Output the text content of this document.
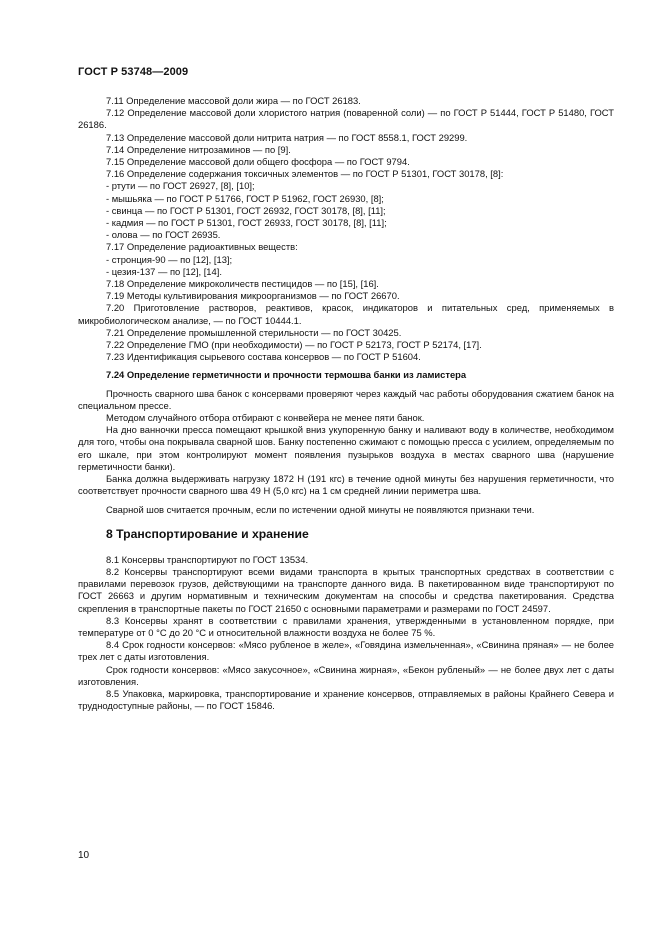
ГОСТ Р 53748—2009

7.11 Определение массовой доли жира — по ГОСТ 26183.

7.12 Определение массовой доли хлористого натрия (поваренной соли) — по ГОСТ Р 51444, ГОСТ Р 51480, ГОСТ 26186.

7.13 Определение массовой доли нитрита натрия — по ГОСТ 8558.1, ГОСТ 29299.

7.14 Определение нитрозаминов — по [9].

7.15 Определение массовой доли общего фосфора — по ГОСТ 9794.

7.16 Определение содержания токсичных элементов — по ГОСТ Р 51301, ГОСТ 30178, [8]:

- ртути — по ГОСТ 26927, [8], [10];

- мышьяка — по ГОСТ Р 51766, ГОСТ Р 51962, ГОСТ 26930, [8];

- свинца — по ГОСТ Р 51301, ГОСТ 26932, ГОСТ 30178, [8], [11];

- кадмия — по ГОСТ Р 51301, ГОСТ 26933, ГОСТ 30178, [8], [11];

- олова — по ГОСТ 26935.

7.17 Определение радиоактивных веществ:

- стронция-90 — по [12], [13];

- цезия-137 — по [12], [14].

7.18 Определение микроколичеств пестицидов — по [15], [16].

7.19 Методы культивирования микроорганизмов — по ГОСТ 26670.

7.20 Приготовление растворов, реактивов, красок, индикаторов и питательных сред, применяемых в микробиологическом анализе, — по ГОСТ 10444.1.

7.21 Определение промышленной стерильности — по ГОСТ 30425.

7.22 Определение ГМО (при необходимости) — по ГОСТ Р 52173, ГОСТ Р 52174, [17].

7.23 Идентификация сырьевого состава консервов — по ГОСТ Р 51604.

7.24 Определение герметичности и прочности термошва банки из ламистера

Прочность сварного шва банок с консервами проверяют через каждый час работы оборудования сжатием банок на специальном прессе.

Методом случайного отбора отбирают с конвейера не менее пяти банок.

На дно ванночки пресса помещают крышкой вниз укупоренную банку и наливают воду в количестве, необходимом для того, чтобы она покрывала сварной шов. Банку постепенно сжимают с помощью пресса с усилием, определяемым по его шкале, при этом контролируют момент появления пузырьков воздуха в местах сварного шва (нарушение герметичности банки).

Банка должна выдерживать нагрузку 1872 Н (191 кгс) в течение одной минуты без нарушения герметичности, что соответствует прочности сварного шва 49 Н (5,0 кгс) на 1 см средней линии периметра шва.

Сварной шов считается прочным, если по истечении одной минуты не появляются признаки течи.

8 Транспортирование и хранение

8.1 Консервы транспортируют по ГОСТ 13534.

8.2 Консервы транспортируют всеми видами транспорта в крытых транспортных средствах в соответствии с правилами перевозок грузов, действующими на транспорте данного вида. В пакетированном виде транспортируют по ГОСТ 26663 и другим нормативным и техническим документам на способы и средства пакетирования. Средства скрепления в транспортные пакеты по ГОСТ 21650 с основными параметрами и размерами по ГОСТ 24597.

8.3 Консервы хранят в соответствии с правилами хранения, утвержденными в установленном порядке, при температуре от 0 °С до 20 °С и относительной влажности воздуха не более 75 %.

8.4 Срок годности консервов: «Мясо рубленое в желе», «Говядина измельченная», «Свинина пряная» — не более трех лет с даты изготовления.

Срок годности консервов: «Мясо закусочное», «Свинина жирная», «Бекон рубленый» — не более двух лет с даты изготовления.

8.5 Упаковка, маркировка, транспортирование и хранение консервов, отправляемых в районы Крайнего Севера и труднодоступные районы, — по ГОСТ 15846.

10
